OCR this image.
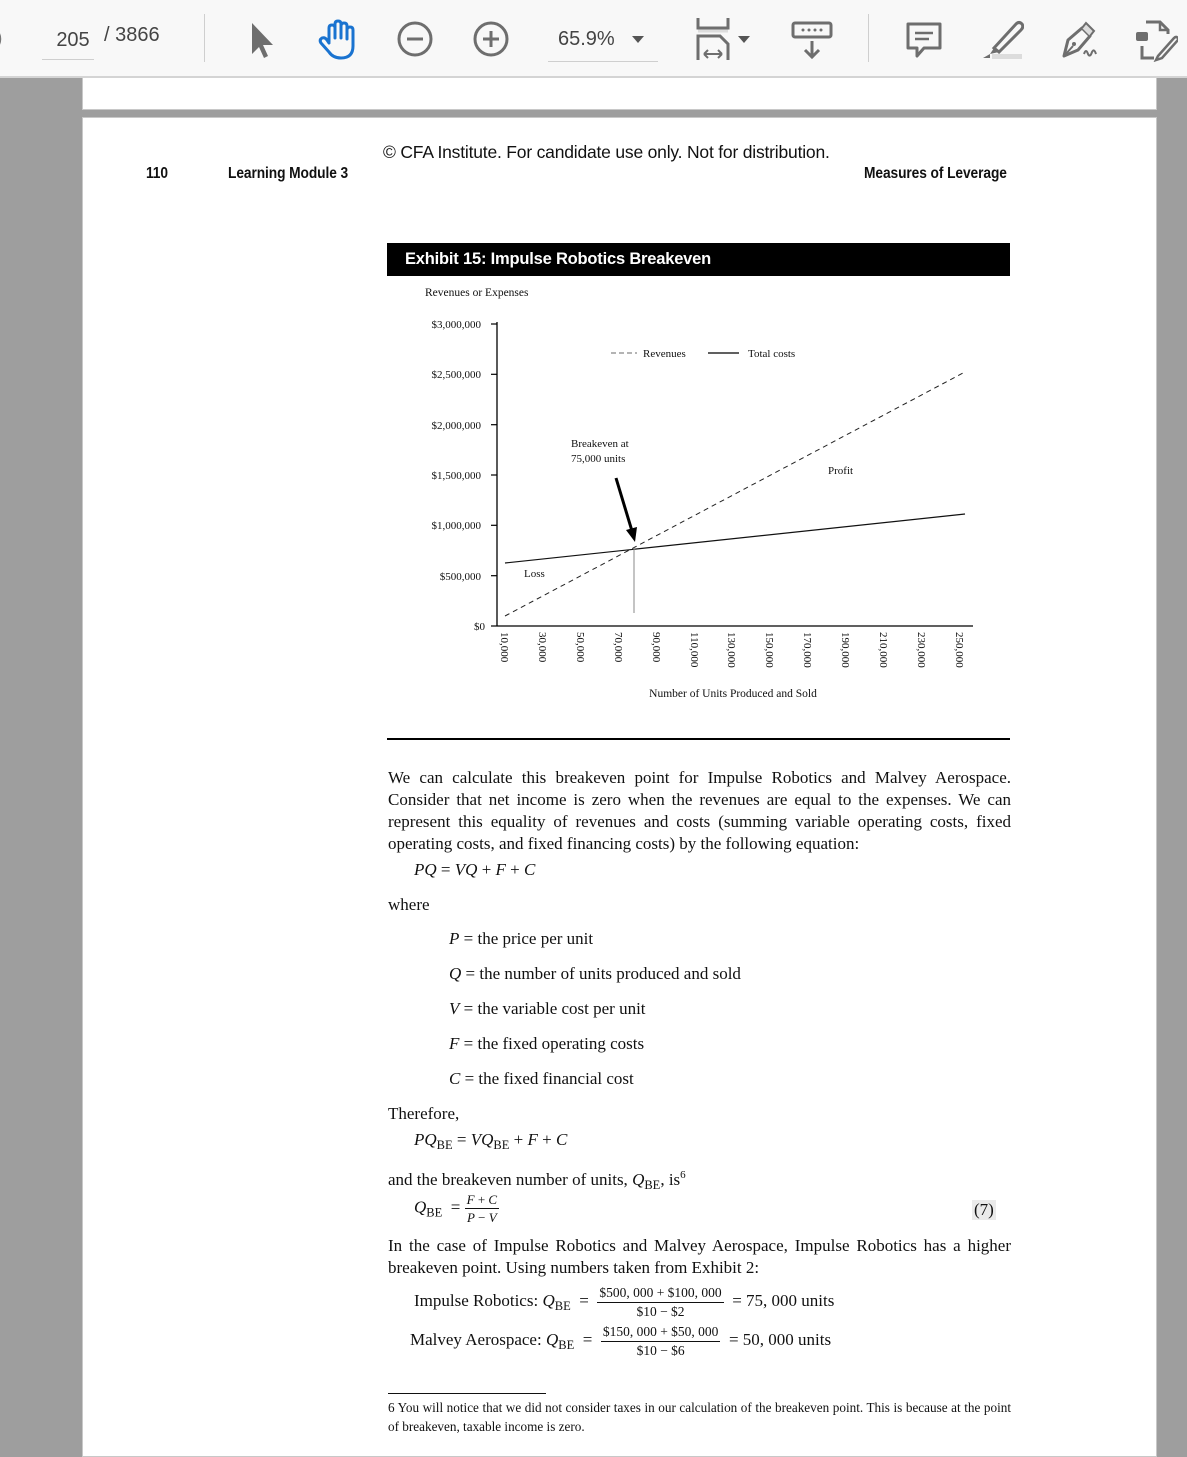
205 / 3866	65.9%
© CFA Institute. For candidate use only. Not for distribution.
110	Learning Module 3	Measures of Leverage
Exhibit 15: Impulse Robotics Breakeven
Revenues or Expenses
$0
$500,000
$1,000,000
$1,500,000
$2,000,000
$2,500,000
$3,000,000
10,000 30,000 50,000 70,000 90,000 110,000 130,000 150,000 170,000 190,000 210,000 230,000 250,000
Number of Units Produced and Sold
Revenues	Total costs
Breakeven at
75,000 units
Profit
Loss
We can calculate this breakeven point for Impulse Robotics and Malvey Aerospace. Consider that net income is zero when the revenues are equal to the expenses. We can represent this equality of revenues and costs (summing variable operating costs, fixed operating costs, and fixed financing costs) by the following equation:
PQ = VQ + F + C
where
P = the price per unit
Q = the number of units produced and sold
V = the variable cost per unit
F = the fixed operating costs
C = the fixed financial cost
Therefore,
$PQ_{BE} = VQ_{BE} + F + C$
and the breakeven number of units, $Q_{BE}$, $is^6$
$Q_{BE} = \frac{F + C}{P - V}$	(7)
In the case of Impulse Robotics and Malvey Aerospace, Impulse Robotics has a higher breakeven point. Using numbers taken from Exhibit 2:
Impulse Robotics: $Q_{BE} = \frac{\$500, 000 + \$100, 000}{\$10 - \$2} = 75$, 000 units
Malvey Aerospace: $Q_{BE} = \frac{\$150, 000 + \$50, 000}{\$10 - \$6} = 50$, 000 units
6 You will notice that we did not consider taxes in our calculation of the breakeven point. This is because at the point of breakeven, taxable income is zero.
